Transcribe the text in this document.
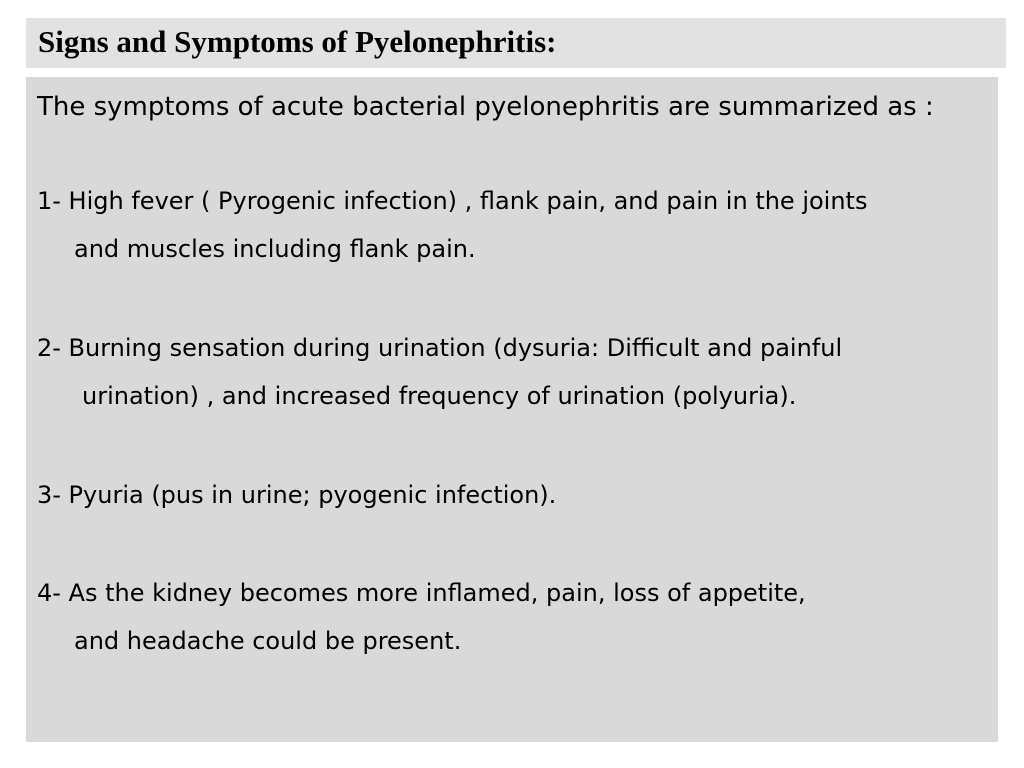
Signs and Symptoms of Pyelonephritis:

The symptoms of acute bacterial pyelonephritis are summarized as :

1- High fever ( Pyrogenic infection) , flank pain, and pain in the joints
and muscles including flank pain.
2- Burning sensation during urination (dysuria: Difficult and painful
urination) , and increased frequency of urination (polyuria).
3- Pyuria (pus in urine; pyogenic infection).
4- As the kidney becomes more inflamed, pain, loss of appetite,
and headache could be present.
